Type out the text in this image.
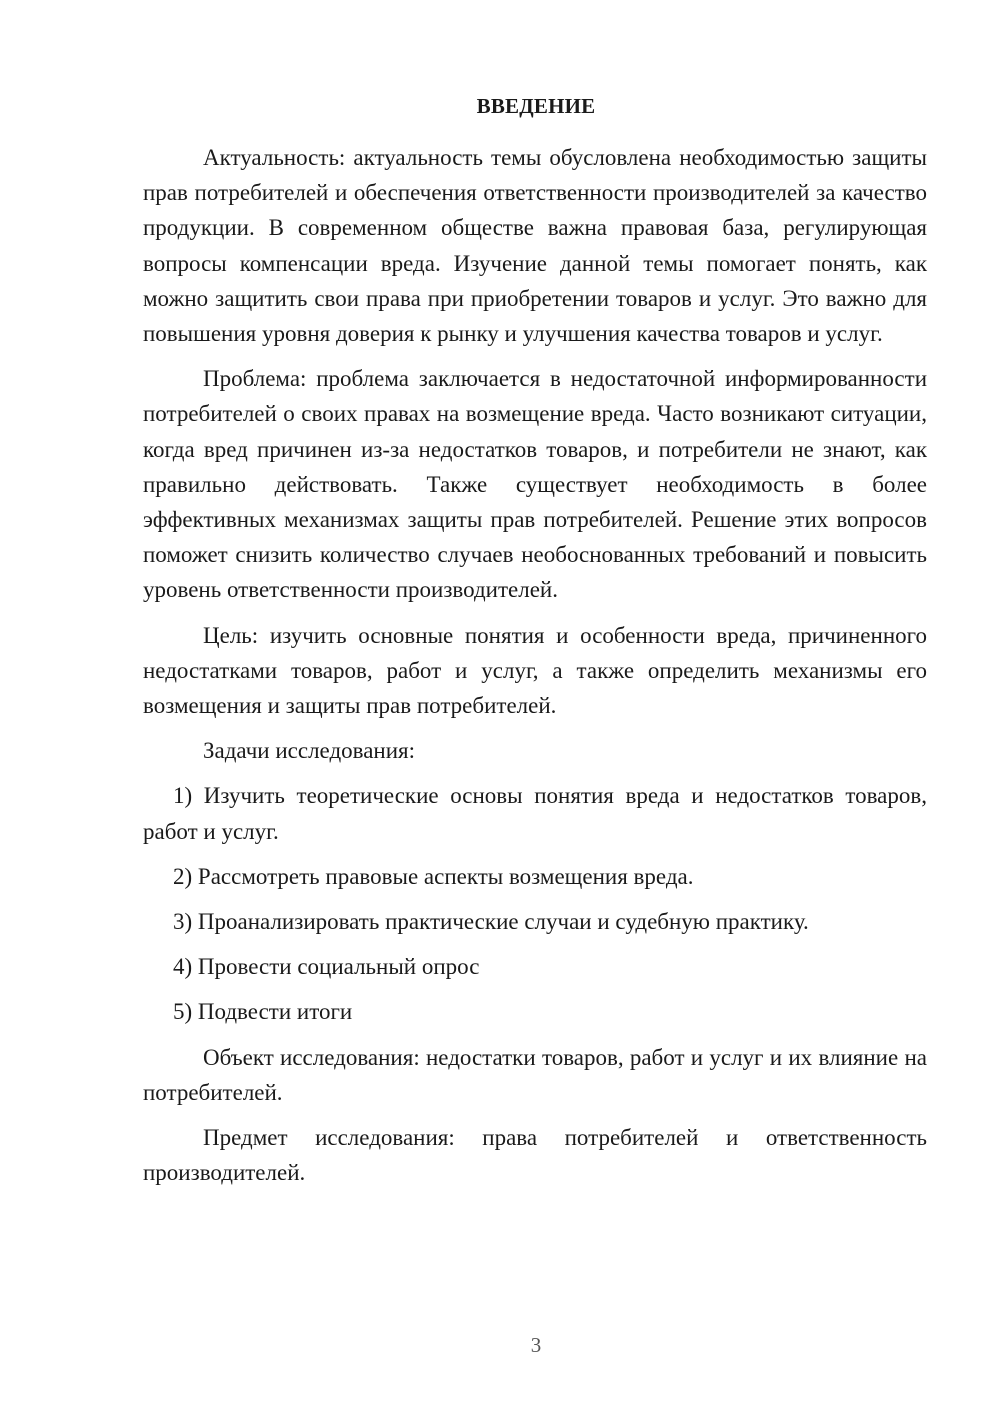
ВВЕДЕНИЕ

Актуальность: актуальность темы обусловлена необходимостью защиты прав потребителей и обеспечения ответственности производителей за качество продукции. В современном обществе важна правовая база, регулирующая вопросы компенсации вреда. Изучение данной темы помогает понять, как можно защитить свои права при приобретении товаров и услуг. Это важно для повышения уровня доверия к рынку и улучшения качества товаров и услуг.

Проблема: проблема заключается в недостаточной информированности потребителей о своих правах на возмещение вреда. Часто возникают ситуации, когда вред причинен из-за недостатков товаров, и потребители не знают, как правильно действовать. Также существует необходимость в более эффективных механизмах защиты прав потребителей. Решение этих вопросов поможет снизить количество случаев необоснованных требований и повысить уровень ответственности производителей.

Цель: изучить основные понятия и особенности вреда, причиненного недостатками товаров, работ и услуг, а также определить механизмы его возмещения и защиты прав потребителей.

Задачи исследования:

1) Изучить теоретические основы понятия вреда и недостатков товаров, работ и услуг.

2) Рассмотреть правовые аспекты возмещения вреда.

3) Проанализировать практические случаи и судебную практику.

4) Провести социальный опрос

5) Подвести итоги

Объект исследования: недостатки товаров, работ и услуг и их влияние на потребителей.

Предмет исследования: права потребителей и ответственность производителей.

3
